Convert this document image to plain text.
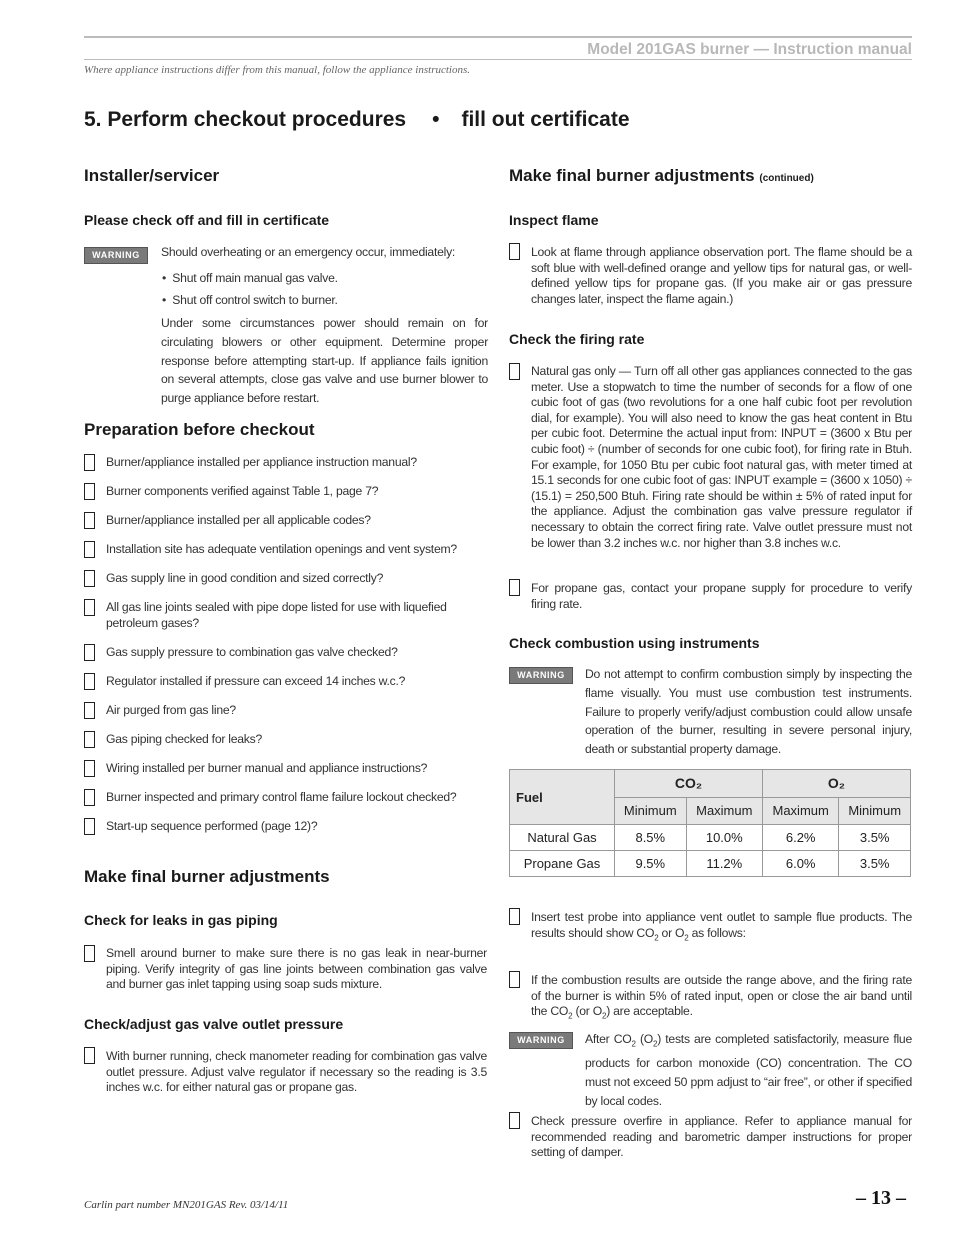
Model 201GAS burner — Instruction manual
Where appliance instructions differ from this manual, follow the appliance instructions.
5. Perform checkout procedures • fill out certificate
Installer/servicer
Please check off and fill in certificate
WARNING	Should overheating or an emergency occur, immediately:
•  Shut off main manual gas valve.
•  Shut off control switch to burner.
Under some circumstances power should remain on for circulating blowers or other equipment. Determine proper response before attempting start-up. If appliance fails ignition on several attempts, close gas valve and use burner blower to purge appliance before restart.
Preparation before checkout
Burner/appliance installed per appliance instruction manual?
Burner components verified against Table 1, page 7?
Burner/appliance installed per all applicable codes?
Installation site has adequate ventilation openings and vent system?
Gas supply line in good condition and sized correctly?
All gas line joints sealed with pipe dope listed for use with liquefied petroleum gases?
Gas supply pressure to combination gas valve checked?
Regulator installed if pressure can exceed 14 inches w.c.?
Air purged from gas line?
Gas piping checked for leaks?
Wiring installed per burner manual and appliance instructions?
Burner inspected and primary control flame failure lockout checked?
Start-up sequence performed (page 12)?
Make final burner adjustments
Check for leaks in gas piping
Smell around burner to make sure there is no gas leak in near-burner piping. Verify integrity of gas line joints between combination gas valve and burner gas inlet tapping using soap suds mixture.
Check/adjust gas valve outlet pressure
With burner running, check manometer reading for combination gas valve outlet pressure. Adjust valve regulator if necessary so the reading is 3.5 inches w.c. for either natural gas or propane gas.
Make final burner adjustments (continued)
Inspect flame
Look at flame through appliance observation port. The flame should be a soft blue with well-defined orange and yellow tips for natural gas, or well-defined yellow tips for propane gas. (If you make air or gas pressure changes later, inspect the flame again.)
Check the firing rate
Natural gas only — Turn off all other gas appliances connected to the gas meter. Use a stopwatch to time the number of seconds for a flow of one cubic foot of gas (two revolutions for a one half cubic foot per revolution dial, for example). You will also need to know the gas heat content in Btu per cubic foot. Determine the actual input from: INPUT = (3600 x Btu per cubic foot) ÷ (number of seconds for one cubic foot), for firing rate in Btuh. For example, for 1050 Btu per cubic foot natural gas, with meter timed at 15.1 seconds for one cubic foot of gas: INPUT example = (3600 x 1050) ÷ (15.1) = 250,500 Btuh. Firing rate should be within ± 5% of rated input for the appliance. Adjust the combination gas valve pressure regulator if necessary to obtain the correct firing rate. Valve outlet pressure must not be lower than 3.2 inches w.c. nor higher than 3.8 inches w.c.
For propane gas, contact your propane supply for procedure to verify firing rate.
Check combustion using instruments
WARNING	Do not attempt to confirm combustion simply by inspecting the flame visually. You must use combustion test instruments. Failure to properly verify/adjust combustion could allow unsafe operation of the burner, resulting in severe personal injury, death or substantial property damage.
Fuel	CO₂		O₂	
	Minimum	Maximum	Maximum	Minimum
Natural Gas	8.5%	10.0%	6.2%	3.5%
Propane Gas	9.5%	11.2%	6.0%	3.5%
Insert test probe into appliance vent outlet to sample flue products. The results should show $CO_2$ or $O_2$ as follows:
If the combustion results are outside the range above, and the firing rate of the burner is within 5% of rated input, open or close the air band until the $CO_2$ (or $O_2$) are acceptable.
WARNING	After $CO_2$ $(O_2)$ tests are completed satisfactorily, measure flue products for carbon monoxide (CO) concentration. The CO must not exceed 50 ppm adjust to “air free”, or other if specified by local codes.
Check pressure overfire in appliance. Refer to appliance manual for recommended reading and barometric damper instructions for proper setting of damper.
Carlin part number MN201GAS Rev. 03/14/11	– 13 –
